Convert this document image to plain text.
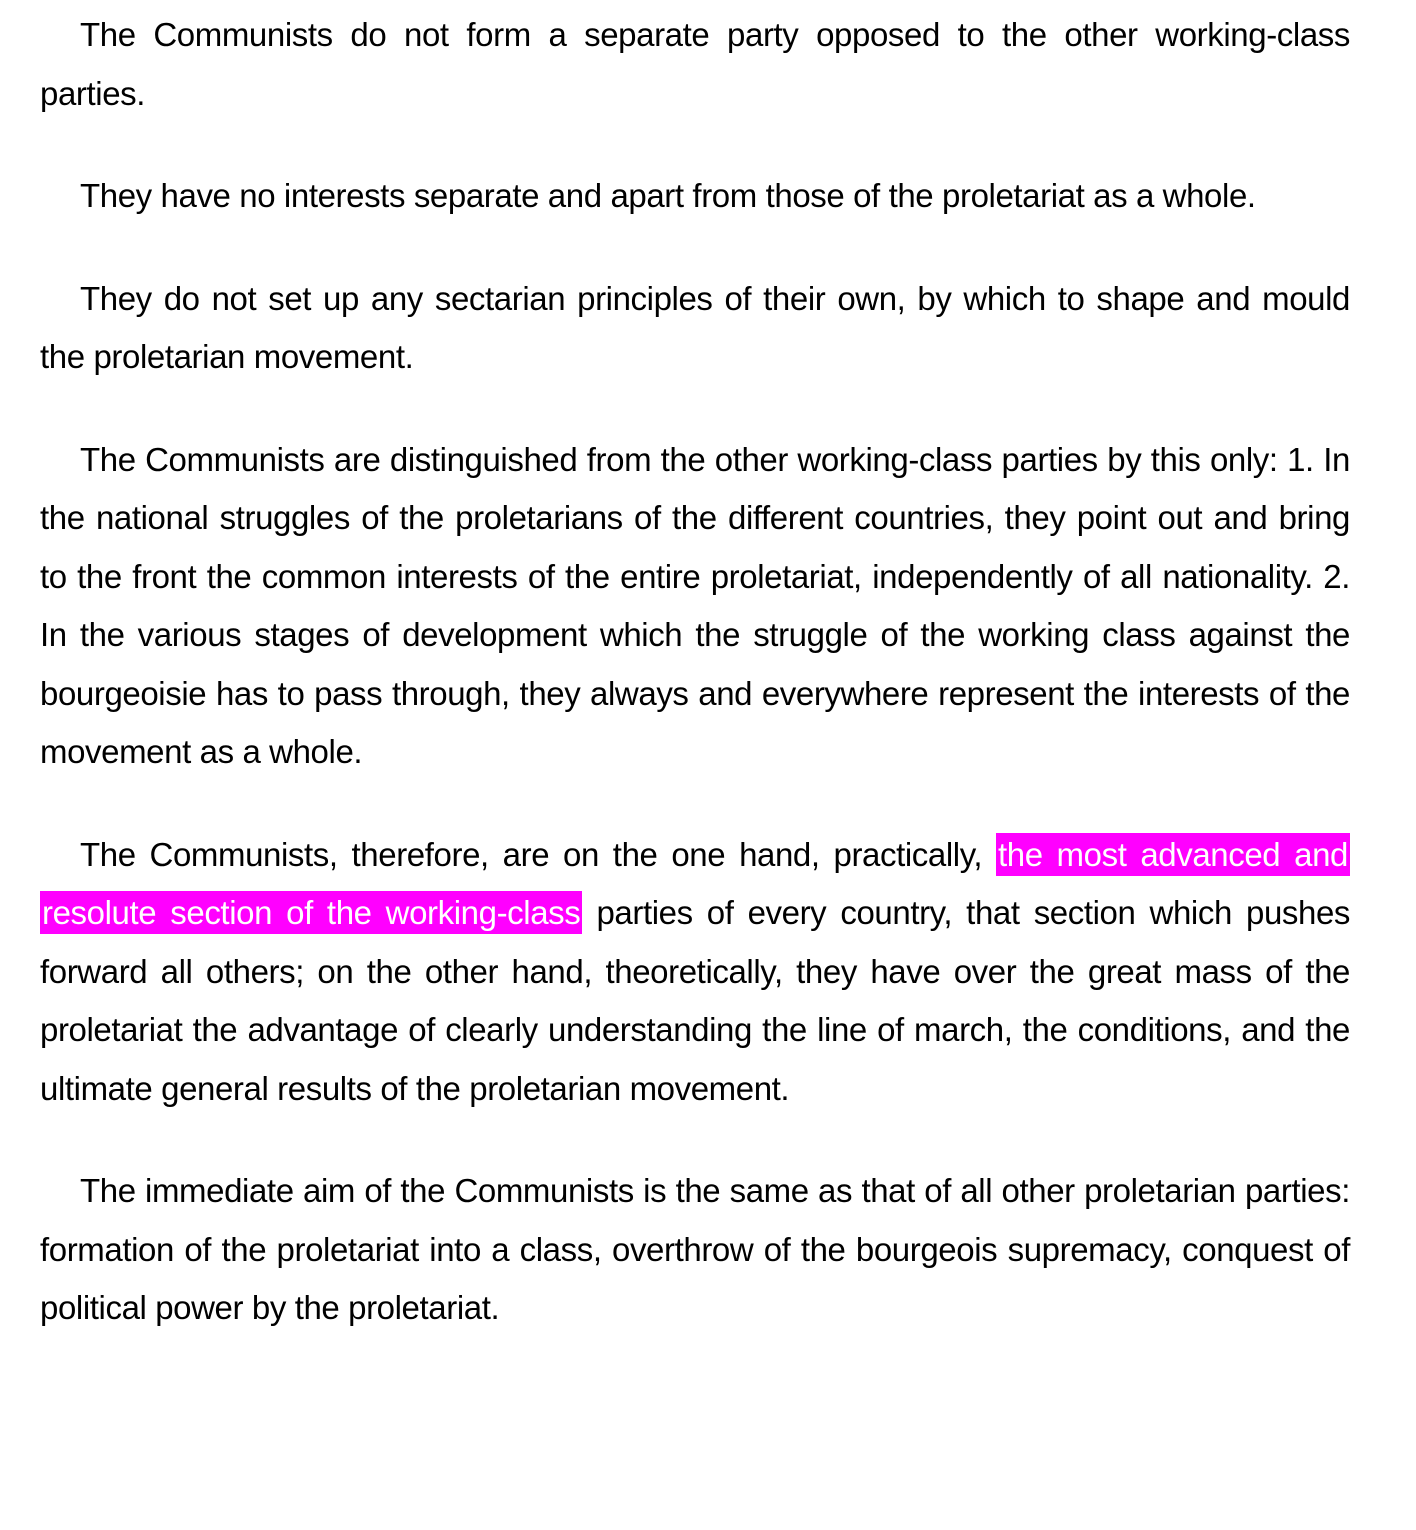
The Communists do not form a separate party opposed to the other working-class parties.

They have no interests separate and apart from those of the proletariat as a whole.

They do not set up any sectarian principles of their own, by which to shape and mould the proletarian movement.

The Communists are distinguished from the other working-class parties by this only: 1. In the national struggles of the proletarians of the different countries, they point out and bring to the front the common interests of the entire proletariat, independently of all nationality. 2. In the various stages of development which the struggle of the working class against the bourgeoisie has to pass through, they always and everywhere represent the interests of the movement as a whole.

The Communists, therefore, are on the one hand, practically, the most advanced and resolute section of the working-class parties of every country, that section which pushes forward all others; on the other hand, theoretically, they have over the great mass of the proletariat the advantage of clearly understanding the line of march, the conditions, and the ultimate general results of the proletarian movement.

The immediate aim of the Communists is the same as that of all other proletarian parties: formation of the proletariat into a class, overthrow of the bourgeois supremacy, conquest of political power by the proletariat.
